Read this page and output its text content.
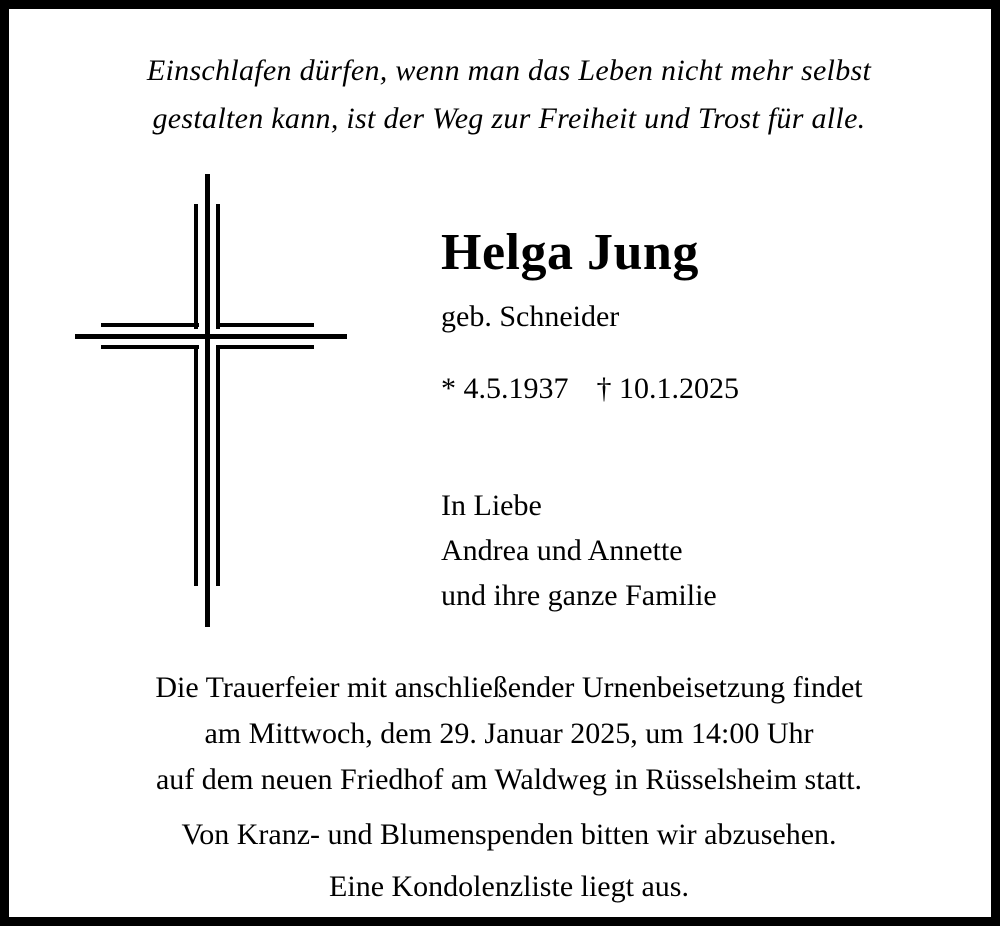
Einschlafen dürfen, wenn man das Leben nicht mehr selbst
gestalten kann, ist der Weg zur Freiheit und Trost für alle.
Helga Jung
geb. Schneider
* 4.5.1937 † 10.1.2025
In Liebe
Andrea und Annette
und ihre ganze Familie
Die Trauerfeier mit anschließender Urnenbeisetzung findet
am Mittwoch, dem 29. Januar 2025, um 14:00 Uhr
auf dem neuen Friedhof am Waldweg in Rüsselsheim statt.
Von Kranz- und Blumenspenden bitten wir abzusehen.
Eine Kondolenzliste liegt aus.
